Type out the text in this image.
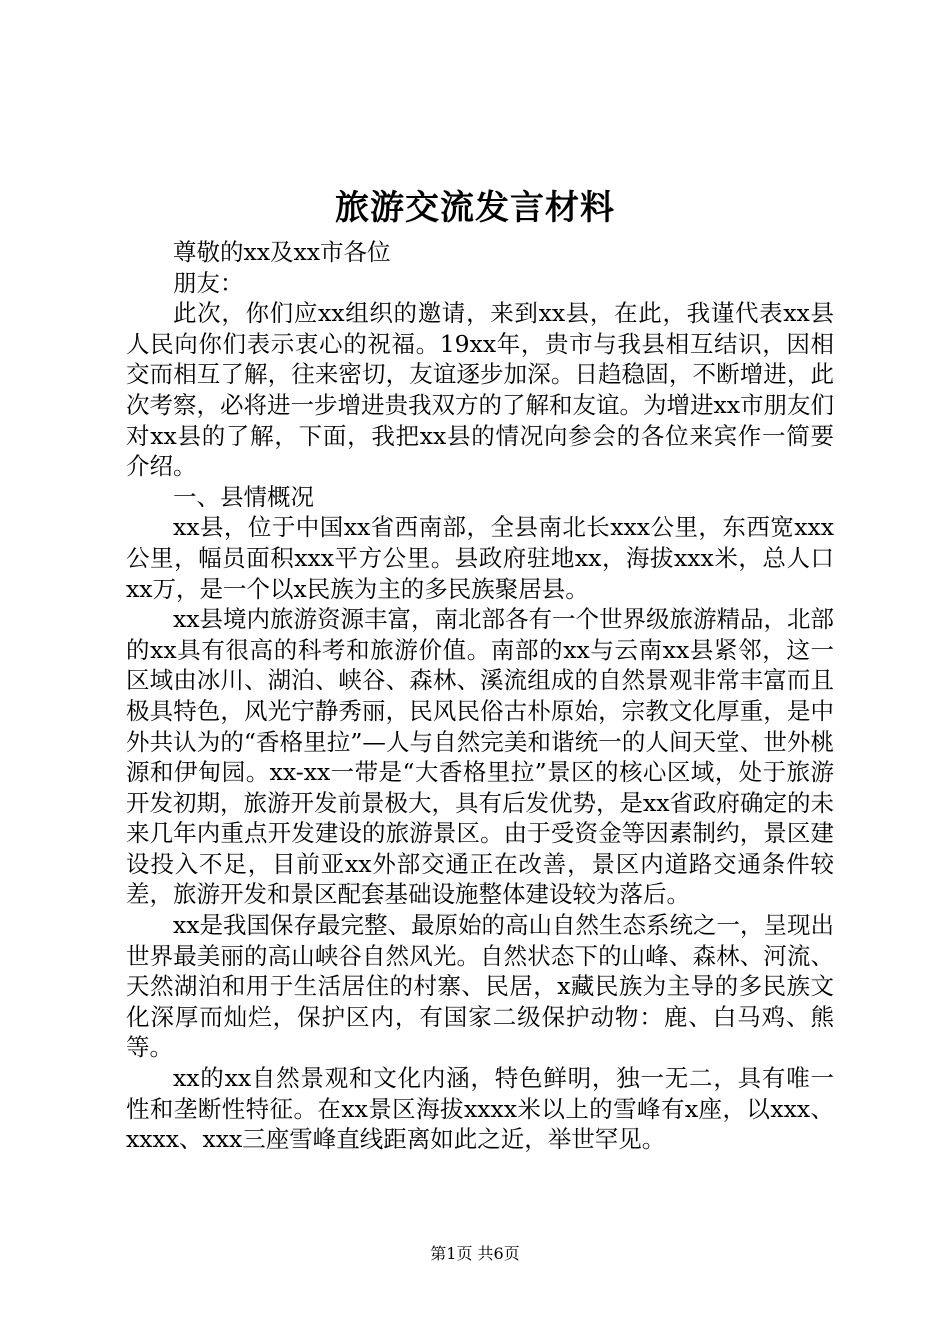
旅游交流发言材料

尊敬的xx及xx市各位

朋友：

此次，你们应xx组织的邀请，来到xx县，在此，我谨代表xx县人民向你们表示衷心的祝福。19xx年，贵市与我县相互结识，因相交而相互了解，往来密切，友谊逐步加深。日趋稳固，不断增进，此次考察，必将进一步增进贵我双方的了解和友谊。为增进xx市朋友们对xx县的了解，下面，我把xx县的情况向参会的各位来宾作一简要介绍。

一、县情概况

xx县，位于中国xx省西南部，全县南北长xxx公里，东西宽xxx公里，幅员面积xxx平方公里。县政府驻地xx，海拔xxx米，总人口xx万，是一个以x民族为主的多民族聚居县。

xx县境内旅游资源丰富，南北部各有一个世界级旅游精品，北部的xx具有很高的科考和旅游价值。南部的xx与云南xx县紧邻，这一区域由冰川、湖泊、峡谷、森林、溪流组成的自然景观非常丰富而且极具特色，风光宁静秀丽，民风民俗古朴原始，宗教文化厚重，是中外共认为的“香格里拉”—人与自然完美和谐统一的人间天堂、世外桃源和伊甸园。xx-xx一带是“大香格里拉”景区的核心区域，处于旅游开发初期，旅游开发前景极大，具有后发优势，是xx省政府确定的未来几年内重点开发建设的旅游景区。由于受资金等因素制约，景区建设投入不足，目前亚xx外部交通正在改善，景区内道路交通条件较差，旅游开发和景区配套基础设施整体建设较为落后。

xx是我国保存最完整、最原始的高山自然生态系统之一，呈现出世界最美丽的高山峡谷自然风光。自然状态下的山峰、森林、河流、天然湖泊和用于生活居住的村寨、民居，x藏民族为主导的多民族文化深厚而灿烂，保护区内，有国家二级保护动物：鹿、白马鸡、熊等。

xx的xx自然景观和文化内涵，特色鲜明，独一无二，具有唯一性和垄断性特征。在xx景区海拔xxxx米以上的雪峰有x座，以xxx、xxxx、xxx三座雪峰直线距离如此之近，举世罕见。

第1页 共6页
